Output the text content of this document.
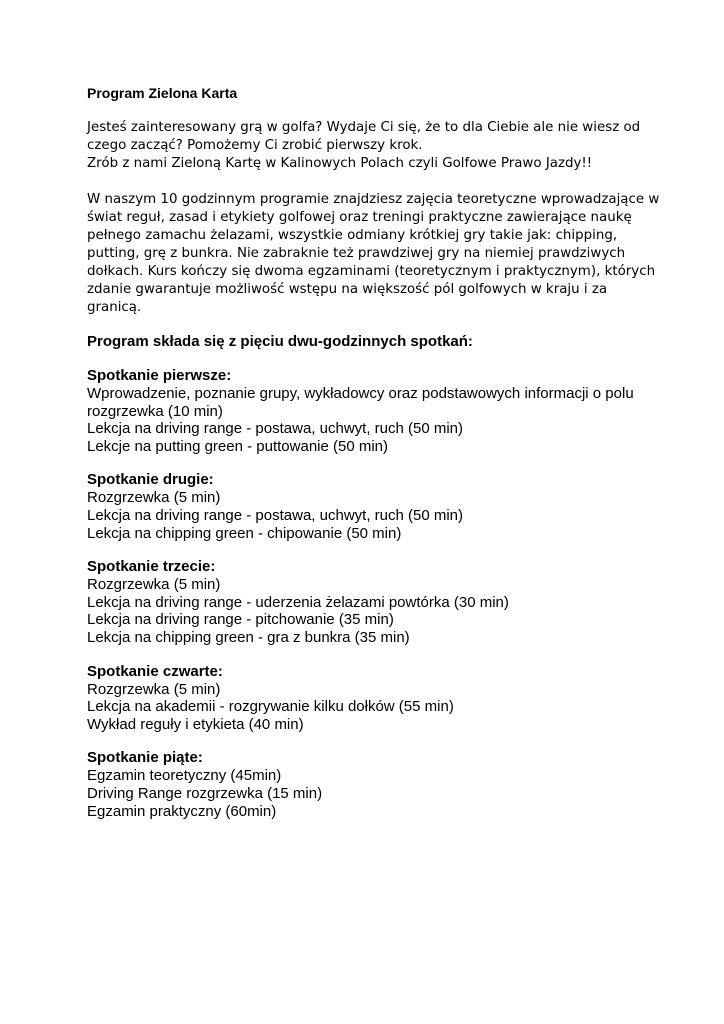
Program Zielona Karta
Jesteś zainteresowany grą w golfa? Wydaje Ci się, że to dla Ciebie ale nie wiesz od
czego zacząć? Pomożemy Ci zrobić pierwszy krok.
Zrób z nami Zieloną Kartę w Kalinowych Polach czyli Golfowe Prawo Jazdy!!
W naszym 10 godzinnym programie znajdziesz zajęcia teoretyczne wprowadzające w
świat reguł, zasad i etykiety golfowej oraz treningi praktyczne zawierające naukę
pełnego zamachu żelazami, wszystkie odmiany krótkiej gry takie jak: chipping,
putting, grę z bunkra. Nie zabraknie też prawdziwej gry na niemiej prawdziwych
dołkach. Kurs kończy się dwoma egzaminami (teoretycznym i praktycznym), których
zdanie gwarantuje możliwość wstępu na większość pól golfowych w kraju i za
granicą.
Program składa się z pięciu dwu-godzinnych spotkań:
Spotkanie pierwsze:
Wprowadzenie, poznanie grupy, wykładowcy oraz podstawowych informacji o polu
rozgrzewka (10 min)
Lekcja na driving range - postawa, uchwyt, ruch (50 min)
Lekcje na putting green - puttowanie (50 min)
Spotkanie drugie:
Rozgrzewka (5 min)
Lekcja na driving range - postawa, uchwyt, ruch (50 min)
Lekcja na chipping green - chipowanie (50 min)
Spotkanie trzecie:
Rozgrzewka (5 min)
Lekcja na driving range - uderzenia żelazami powtórka (30 min)
Lekcja na driving range - pitchowanie (35 min)
Lekcja na chipping green - gra z bunkra (35 min)
Spotkanie czwarte:
Rozgrzewka (5 min)
Lekcja na akademii - rozgrywanie kilku dołków (55 min)
Wykład reguły i etykieta (40 min)
Spotkanie piąte:
Egzamin teoretyczny (45min)
Driving Range rozgrzewka (15 min)
Egzamin praktyczny (60min)
